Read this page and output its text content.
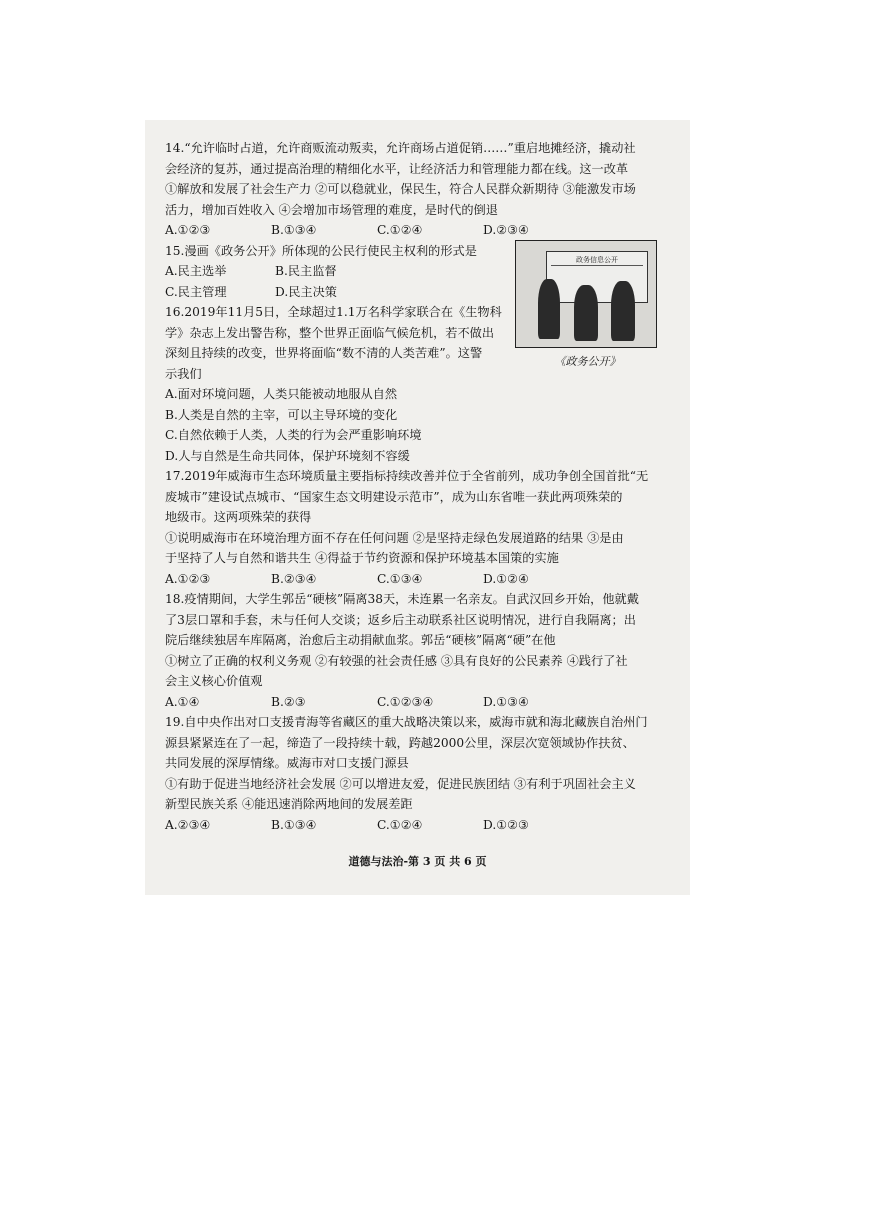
14.“允许临时占道，允许商贩流动叛卖，允许商场占道促销……”重启地摊经济，撬动社

会经济的复苏，通过提高治理的精细化水平，让经济活力和管理能力都在线。这一改革

①解放和发展了社会生产力 ②可以稳就业，保民生，符合人民群众新期待 ③能激发市场

活力，增加百姓收入 ④会增加市场管理的难度，是时代的倒退

A.①②③	B.①③④	C.①②④	D.②③④

15.漫画《政务公开》所体现的公民行使民主权利的形式是

A.民主选举	B.民主监督
C.民主管理	D.民主决策

16.2019年11月5日，全球超过1.1万名科学家联合在《生物科

学》杂志上发出警告称，整个世界正面临气候危机，若不做出

深刻且持续的改变，世界将面临“数不清的人类苦难”。这警

示我们

A.面对环境问题，人类只能被动地服从自然

B.人类是自然的主宰，可以主导环境的变化

C.自然依赖于人类，人类的行为会严重影响环境

D.人与自然是生命共同体，保护环境刻不容缓

17.2019年威海市生态环境质量主要指标持续改善并位于全省前列，成功争创全国首批“无

废城市”建设试点城市、“国家生态文明建设示范市”，成为山东省唯一获此两项殊荣的

地级市。这两项殊荣的获得

①说明威海市在环境治理方面不存在任何问题 ②是坚持走绿色发展道路的结果 ③是由

于坚持了人与自然和谐共生 ④得益于节约资源和保护环境基本国策的实施

A.①②③	B.②③④	C.①③④	D.①②④

18.疫情期间，大学生郭岳“硬核”隔离38天，未连累一名亲友。自武汉回乡开始，他就戴

了3层口罩和手套，未与任何人交谈；返乡后主动联系社区说明情况，进行自我隔离；出

院后继续独居车库隔离，治愈后主动捐献血浆。郭岳“硬核”隔离“硬”在他

①树立了正确的权利义务观 ②有较强的社会责任感 ③具有良好的公民素养 ④践行了社

会主义核心价值观

A.①④	B.②③	C.①②③④	D.①③④

19.自中央作出对口支援青海等省藏区的重大战略决策以来，威海市就和海北藏族自治州门

源县紧紧连在了一起，缔造了一段持续十载，跨越2000公里，深层次宽领域协作扶贫、

共同发展的深厚情缘。威海市对口支援门源县

①有助于促进当地经济社会发展 ②可以增进友爱，促进民族团结 ③有利于巩固社会主义

新型民族关系 ④能迅速消除两地间的发展差距

A.②③④	B.①③④	C.①②④	D.①②③
政务信息公开
《政务公开》
道德与法治-第 3 页 共 6 页
